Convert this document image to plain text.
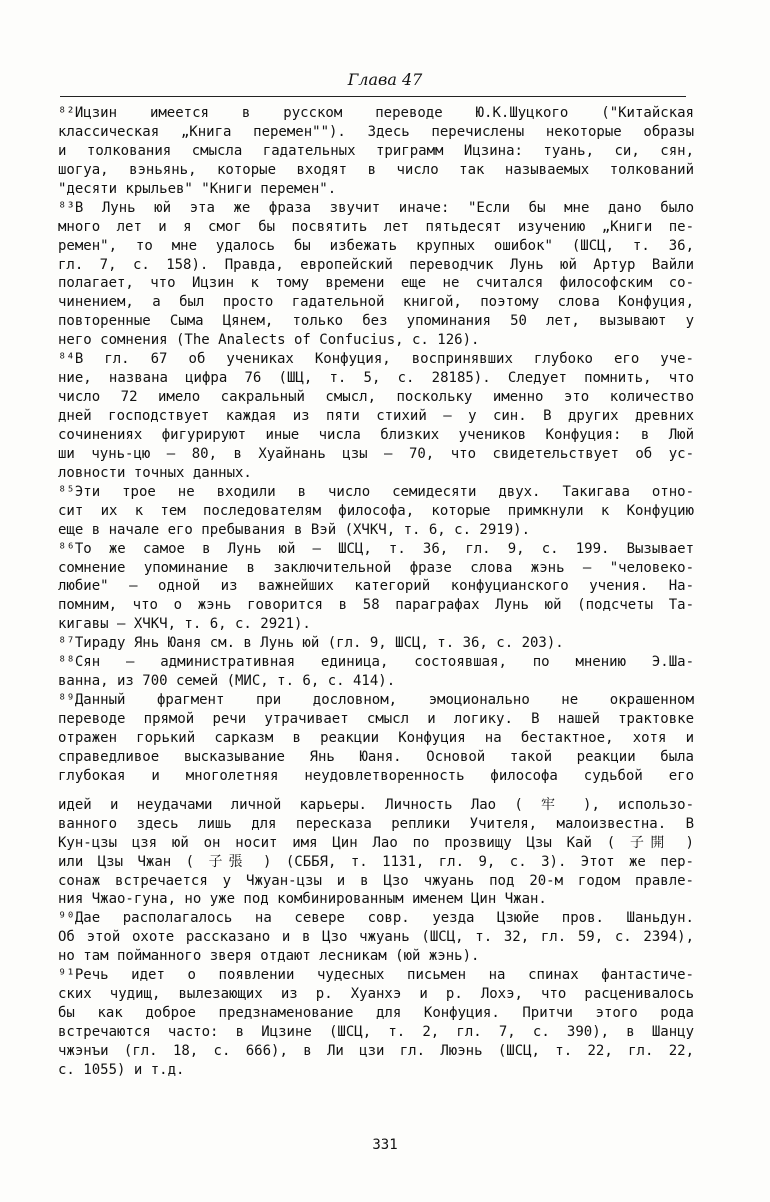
Глава 47
⁸²Ицзин имеется в русском переводе Ю.К.Шуцкого ("Китайская
классическая „Книга перемен""). Здесь перечислены некоторые образы
и толкования смысла гадательных триграмм Ицзина: туань, си, сян,
шогуа, вэньянь, которые входят в число так называемых толкований
"десяти крыльев" "Книги перемен".
⁸³В Лунь юй эта же фраза звучит иначе: "Если бы мне дано было
много лет и я смог бы посвятить лет пятьдесят изучению „Книги пе-
ремен", то мне удалось бы избежать крупных ошибок" (ШСЦ, т. 36,
гл. 7, с. 158). Правда, европейский переводчик Лунь юй Артур Вайли
полагает, что Ицзин к тому времени еще не считался философским со-
чинением, а был просто гадательной книгой, поэтому слова Конфуция,
повторенные Сыма Цянем, только без упоминания 50 лет, вызывают у
него сомнения (The Analects of Confucius, с. 126).
⁸⁴В гл. 67 об учениках Конфуция, воспринявших глубоко его уче-
ние, названа цифра 76 (ШЦ, т. 5, с. 28185). Следует помнить, что
число 72 имело сакральный смысл, поскольку именно это количество
дней господствует каждая из пяти стихий — у син. В других древних
сочинениях фигурируют иные числа близких учеников Конфуция: в Люй
ши чунь-цю — 80, в Хуайнань цзы — 70, что свидетельствует об ус-
ловности точных данных.
⁸⁵Эти трое не входили в число семидесяти двух. Такигава отно-
сит их к тем последователям философа, которые примкнули к Конфуцию
еще в начале его пребывания в Вэй (ХЧКЧ, т. 6, с. 2919).
⁸⁶То же самое в Лунь юй — ШСЦ, т. 36, гл. 9, с. 199. Вызывает
сомнение упоминание в заключительной фразе слова жэнь — "человеко-
любие" — одной из важнейших категорий конфуцианского учения. На-
помним, что о жэнь говорится в 58 параграфах Лунь юй (подсчеты Та-
кигавы — ХЧКЧ, т. 6, с. 2921).
⁸⁷Тираду Янь Юаня см. в Лунь юй (гл. 9, ШСЦ, т. 36, с. 203).
⁸⁸Сян — административная единица, состоявшая, по мнению Э.Ша-
ванна, из 700 семей (МИС, т. 6, с. 414).
⁸⁹Данный фрагмент при дословном, эмоционально не окрашенном
переводе прямой речи утрачивает смысл и логику. В нашей трактовке
отражен горький сарказм в реакции Конфуция на бестактное, хотя и
справедливое высказывание Янь Юаня. Основой такой реакции была
глубокая и многолетняя неудовлетворенность философа судьбой его
идей и неудачами личной карьеры. Личность Лао ( 牢 ), использо-
ванного здесь лишь для пересказа реплики Учителя, малоизвестна. В
Кун-цзы цзя юй он носит имя Цин Лао по прозвищу Цзы Кай ( 子開 )
или Цзы Чжан ( 子張 ) (СББЯ, т. 1131, гл. 9, с. 3). Этот же пер-
сонаж встречается у Чжуан-цзы и в Цзо чжуань под 20-м годом правле-
ния Чжао-гуна, но уже под комбинированным именем Цин Чжан.
⁹⁰Дае располагалось на севере совр. уезда Цзюйе пров. Шаньдун.
Об этой охоте рассказано и в Цзо чжуань (ШСЦ, т. 32, гл. 59, с. 2394),
но там пойманного зверя отдают лесникам (юй жэнь).
⁹¹Речь идет о появлении чудесных письмен на спинах фантастиче-
ских чудищ, вылезающих из р. Хуанхэ и р. Лохэ, что расценивалось
бы как доброе предзнаменование для Конфуция. Притчи этого рода
встречаются часто: в Ицзине (ШСЦ, т. 2, гл. 7, с. 390), в Шанцу
чжэнъи (гл. 18, с. 666), в Ли цзи гл. Люэнь (ШСЦ, т. 22, гл. 22,
с. 1055) и т.д.
331
